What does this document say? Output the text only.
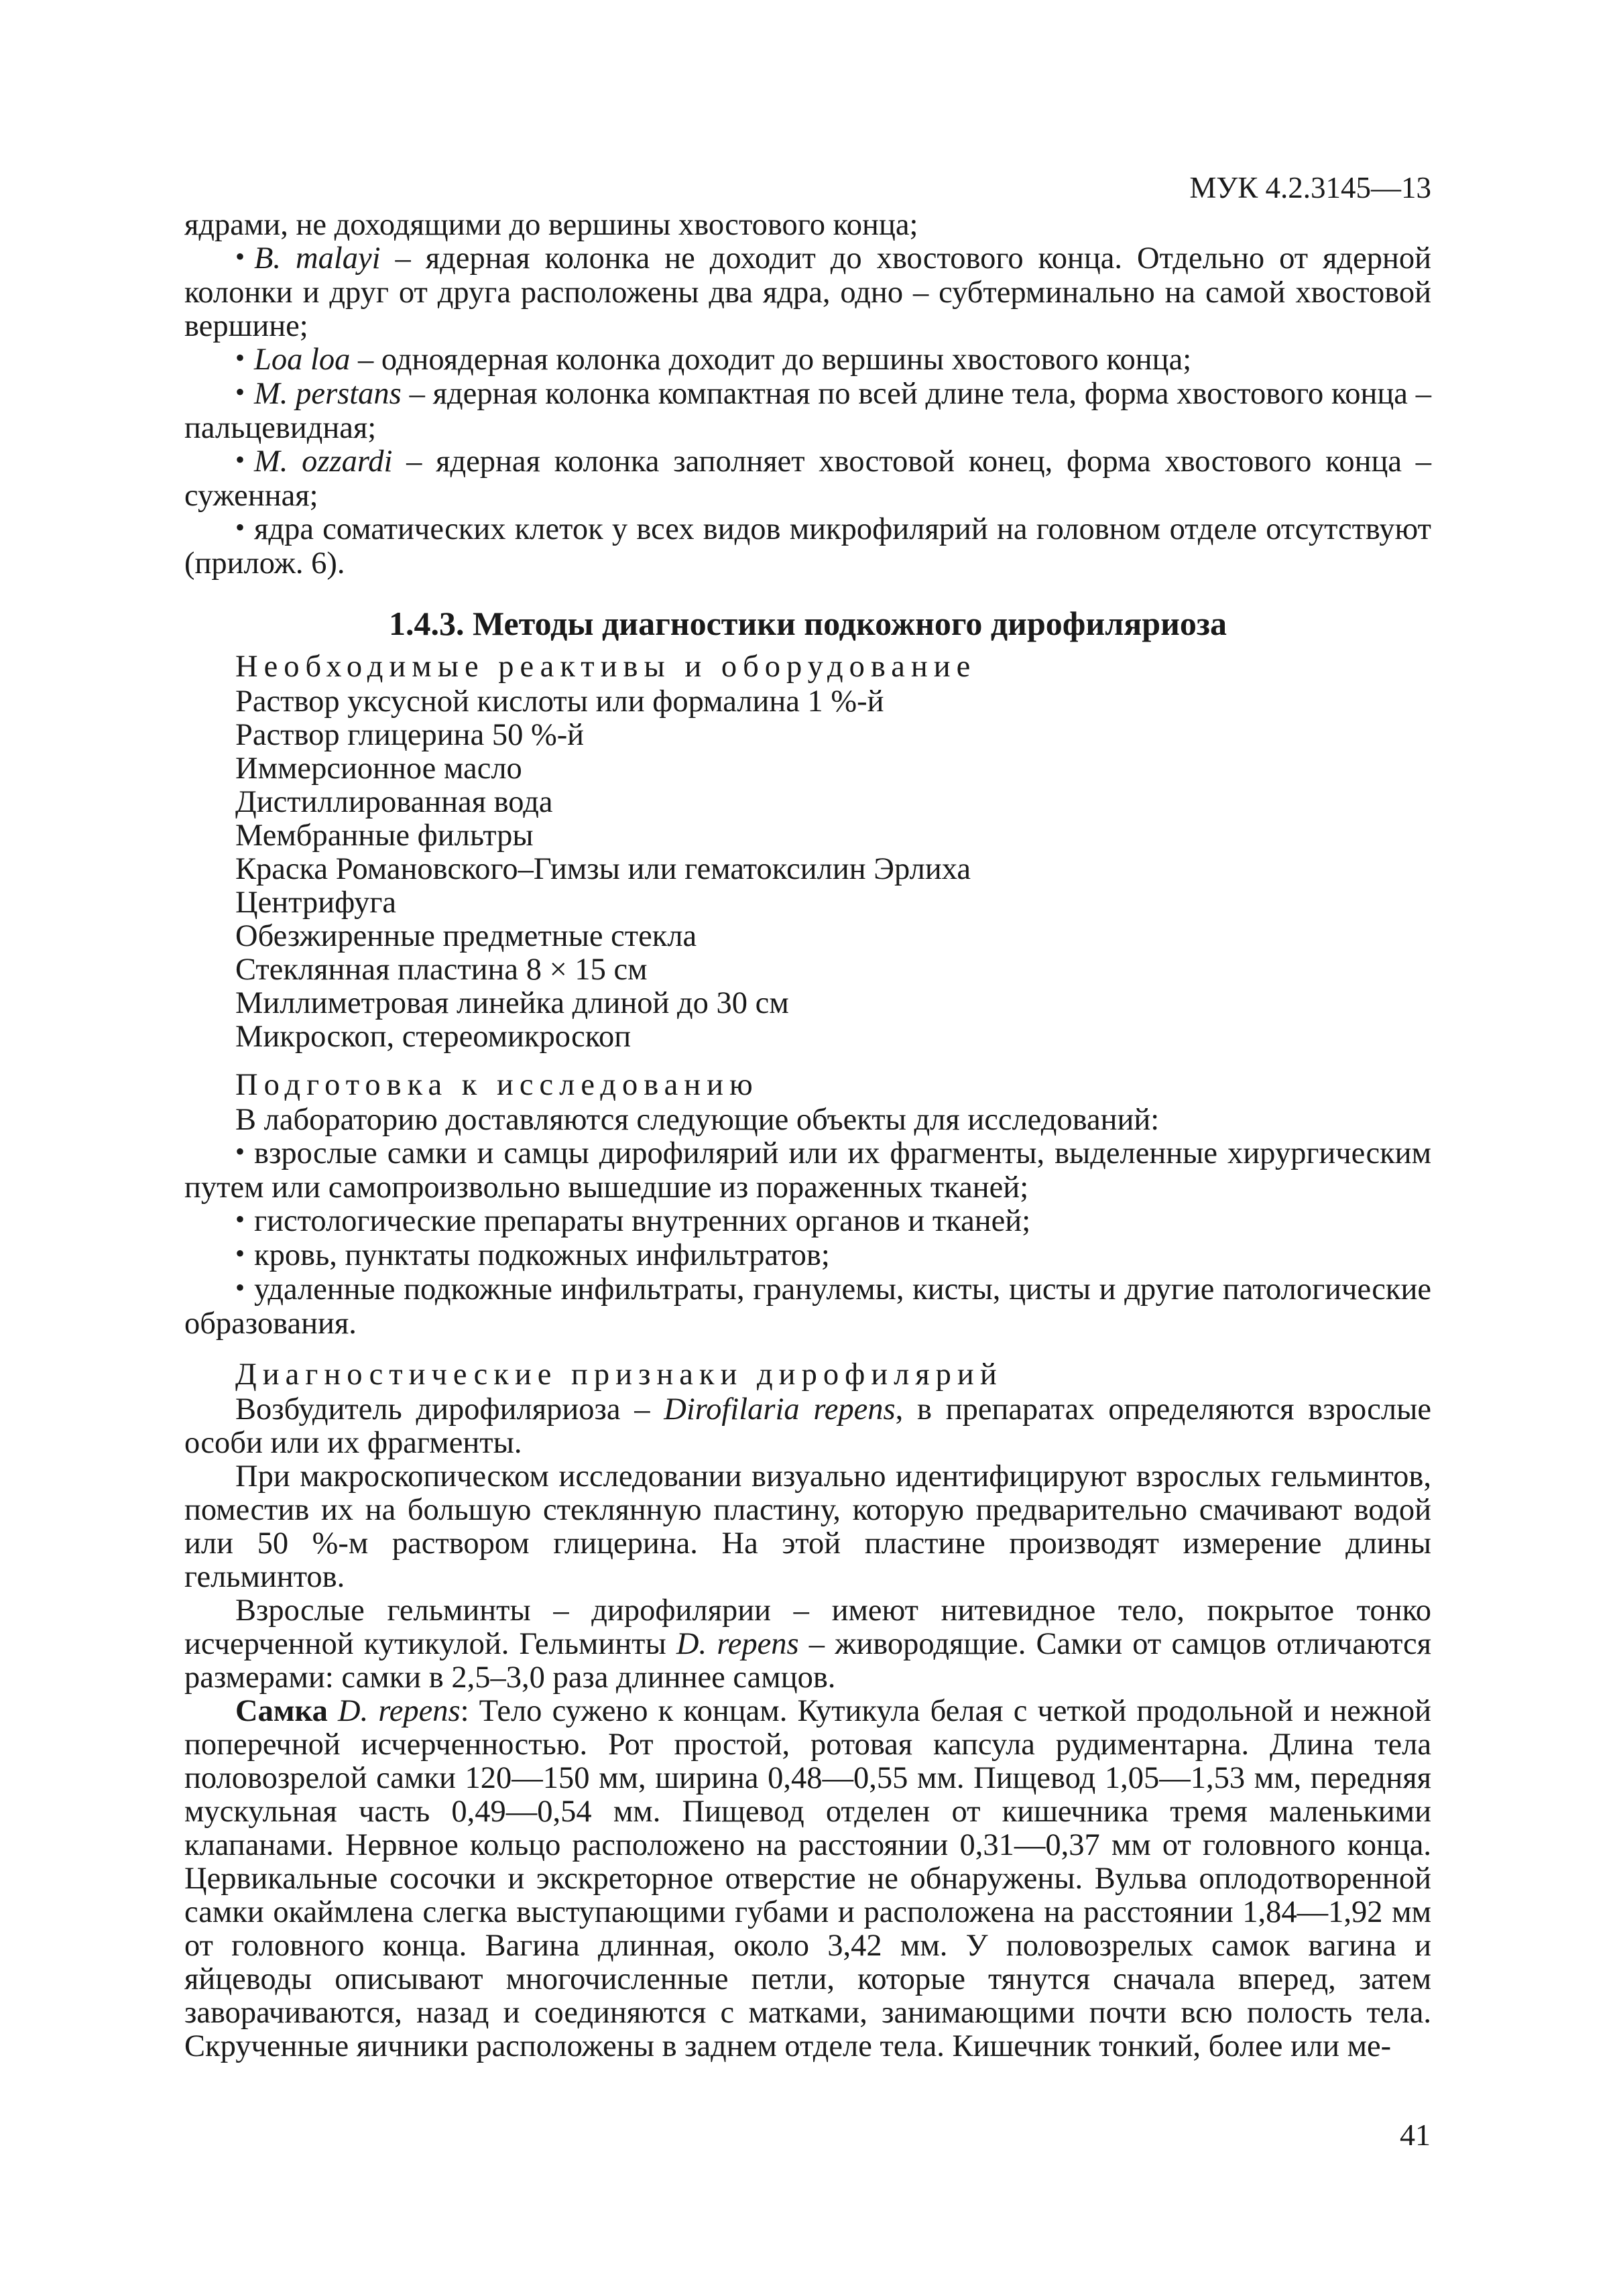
МУК 4.2.3145—13

ядрами, не доходящими до вершины хвостового конца;

• B. malayi – ядерная колонка не доходит до хвостового конца. Отдельно от ядерной колонки и друг от друга расположены два ядра, одно – субтерминально на самой хвостовой вершине;

• Loa loa – одноядерная колонка доходит до вершины хвостового конца;

• M. perstans – ядерная колонка компактная по всей длине тела, форма хвостового конца – пальцевидная;

• M. ozzardi – ядерная колонка заполняет хвостовой конец, форма хвостового конца – суженная;

• ядра соматических клеток у всех видов микрофилярий на головном отделе отсутствуют (прилож. 6).

1.4.3. Методы диагностики подкожного дирофиляриоза
Необходимые реактивы и оборудование
Раствор уксусной кислоты или формалина 1 %-й
Раствор глицерина 50 %-й
Иммерсионное масло
Дистиллированная вода
Мембранные фильтры
Краска Романовского–Гимзы или гематоксилин Эрлиха
Центрифуга
Обезжиренные предметные стекла
Стеклянная пластина 8 × 15 см
Миллиметровая линейка длиной до 30 см
Микроскоп, стереомикроскоп
Подготовка к исследованию

В лабораторию доставляются следующие объекты для исследований:

• взрослые самки и самцы дирофилярий или их фрагменты, выделенные хирургическим путем или самопроизвольно вышедшие из пораженных тканей;

• гистологические препараты внутренних органов и тканей;

• кровь, пунктаты подкожных инфильтратов;

• удаленные подкожные инфильтраты, гранулемы, кисты, цисты и другие патологические образования.

Диагностические признаки дирофилярий

Возбудитель дирофиляриоза – Dirofilaria repens, в препаратах определяются взрослые особи или их фрагменты.

При макроскопическом исследовании визуально идентифицируют взрослых гельминтов, поместив их на большую стеклянную пластину, которую предварительно смачивают водой или 50 %-м раствором глицерина. На этой пластине производят измерение длины гельминтов.

Взрослые гельминты – дирофилярии – имеют нитевидное тело, покрытое тонко исчерченной кутикулой. Гельминты D. repens – живородящие. Самки от самцов отличаются размерами: самки в 2,5–3,0 раза длиннее самцов.

Самка D. repens: Тело сужено к концам. Кутикула белая с четкой продольной и нежной поперечной исчерченностью. Рот простой, ротовая капсула рудиментарна. Длина тела половозрелой самки 120—150 мм, ширина 0,48—0,55 мм. Пищевод 1,05—1,53 мм, передняя мускульная часть 0,49—0,54 мм. Пищевод отделен от кишечника тремя маленькими клапанами. Нервное кольцо расположено на расстоянии 0,31—0,37 мм от головного конца. Цервикальные сосочки и экскреторное отверстие не обнаружены. Вульва оплодотворенной самки окаймлена слегка выступающими губами и расположена на расстоянии 1,84—1,92 мм от головного конца. Вагина длинная, около 3,42 мм. У половозрелых самок вагина и яйцеводы описывают многочисленные петли, которые тянутся сначала вперед, затем заворачиваются, назад и соединяются с матками, занимающими почти всю полость тела. Скрученные яичники расположены в заднем отделе тела. Кишечник тонкий, более или ме-

41
